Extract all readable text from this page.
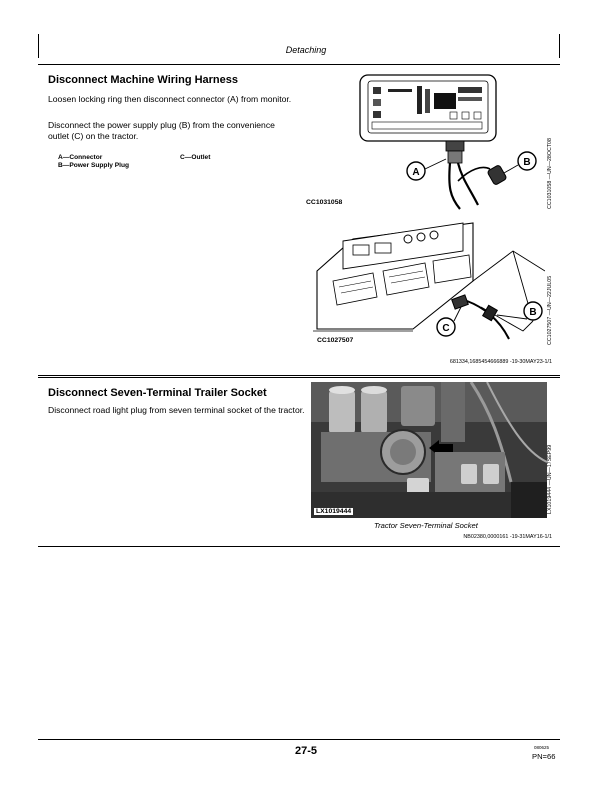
Detaching
Disconnect Machine Wiring Harness
Loosen locking ring then disconnect connector (A) from monitor.
Disconnect the power supply plug (B) from the convenience outlet (C) on the tractor.
A—Connector
B—Power Supply Plug
C—Outlet
A
B
CC1031058	CC1031058 —UN—28OCT08
B
C
CC1027507	CC1027507 —UN—22JUL05
681334,1685454666889 -19-30MAY23-1/1
Disconnect Seven-Terminal Trailer Socket
Disconnect road light plug from seven terminal socket of the tractor.
LX1019444	LX1019444 —UN—17SEP99
Tractor Seven-Terminal Socket
NB02380,0000161 -19-31MAY16-1/1
27-5	080625
PN=66
